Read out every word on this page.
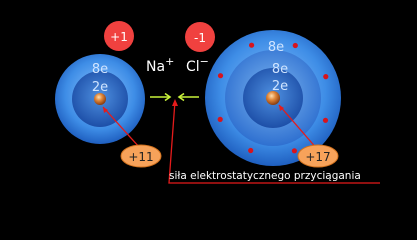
8e
2e
8e
8e
2e
+1	-1
Na+ Cl−
+11	+17
siła elektrostatycznego przyciągania
